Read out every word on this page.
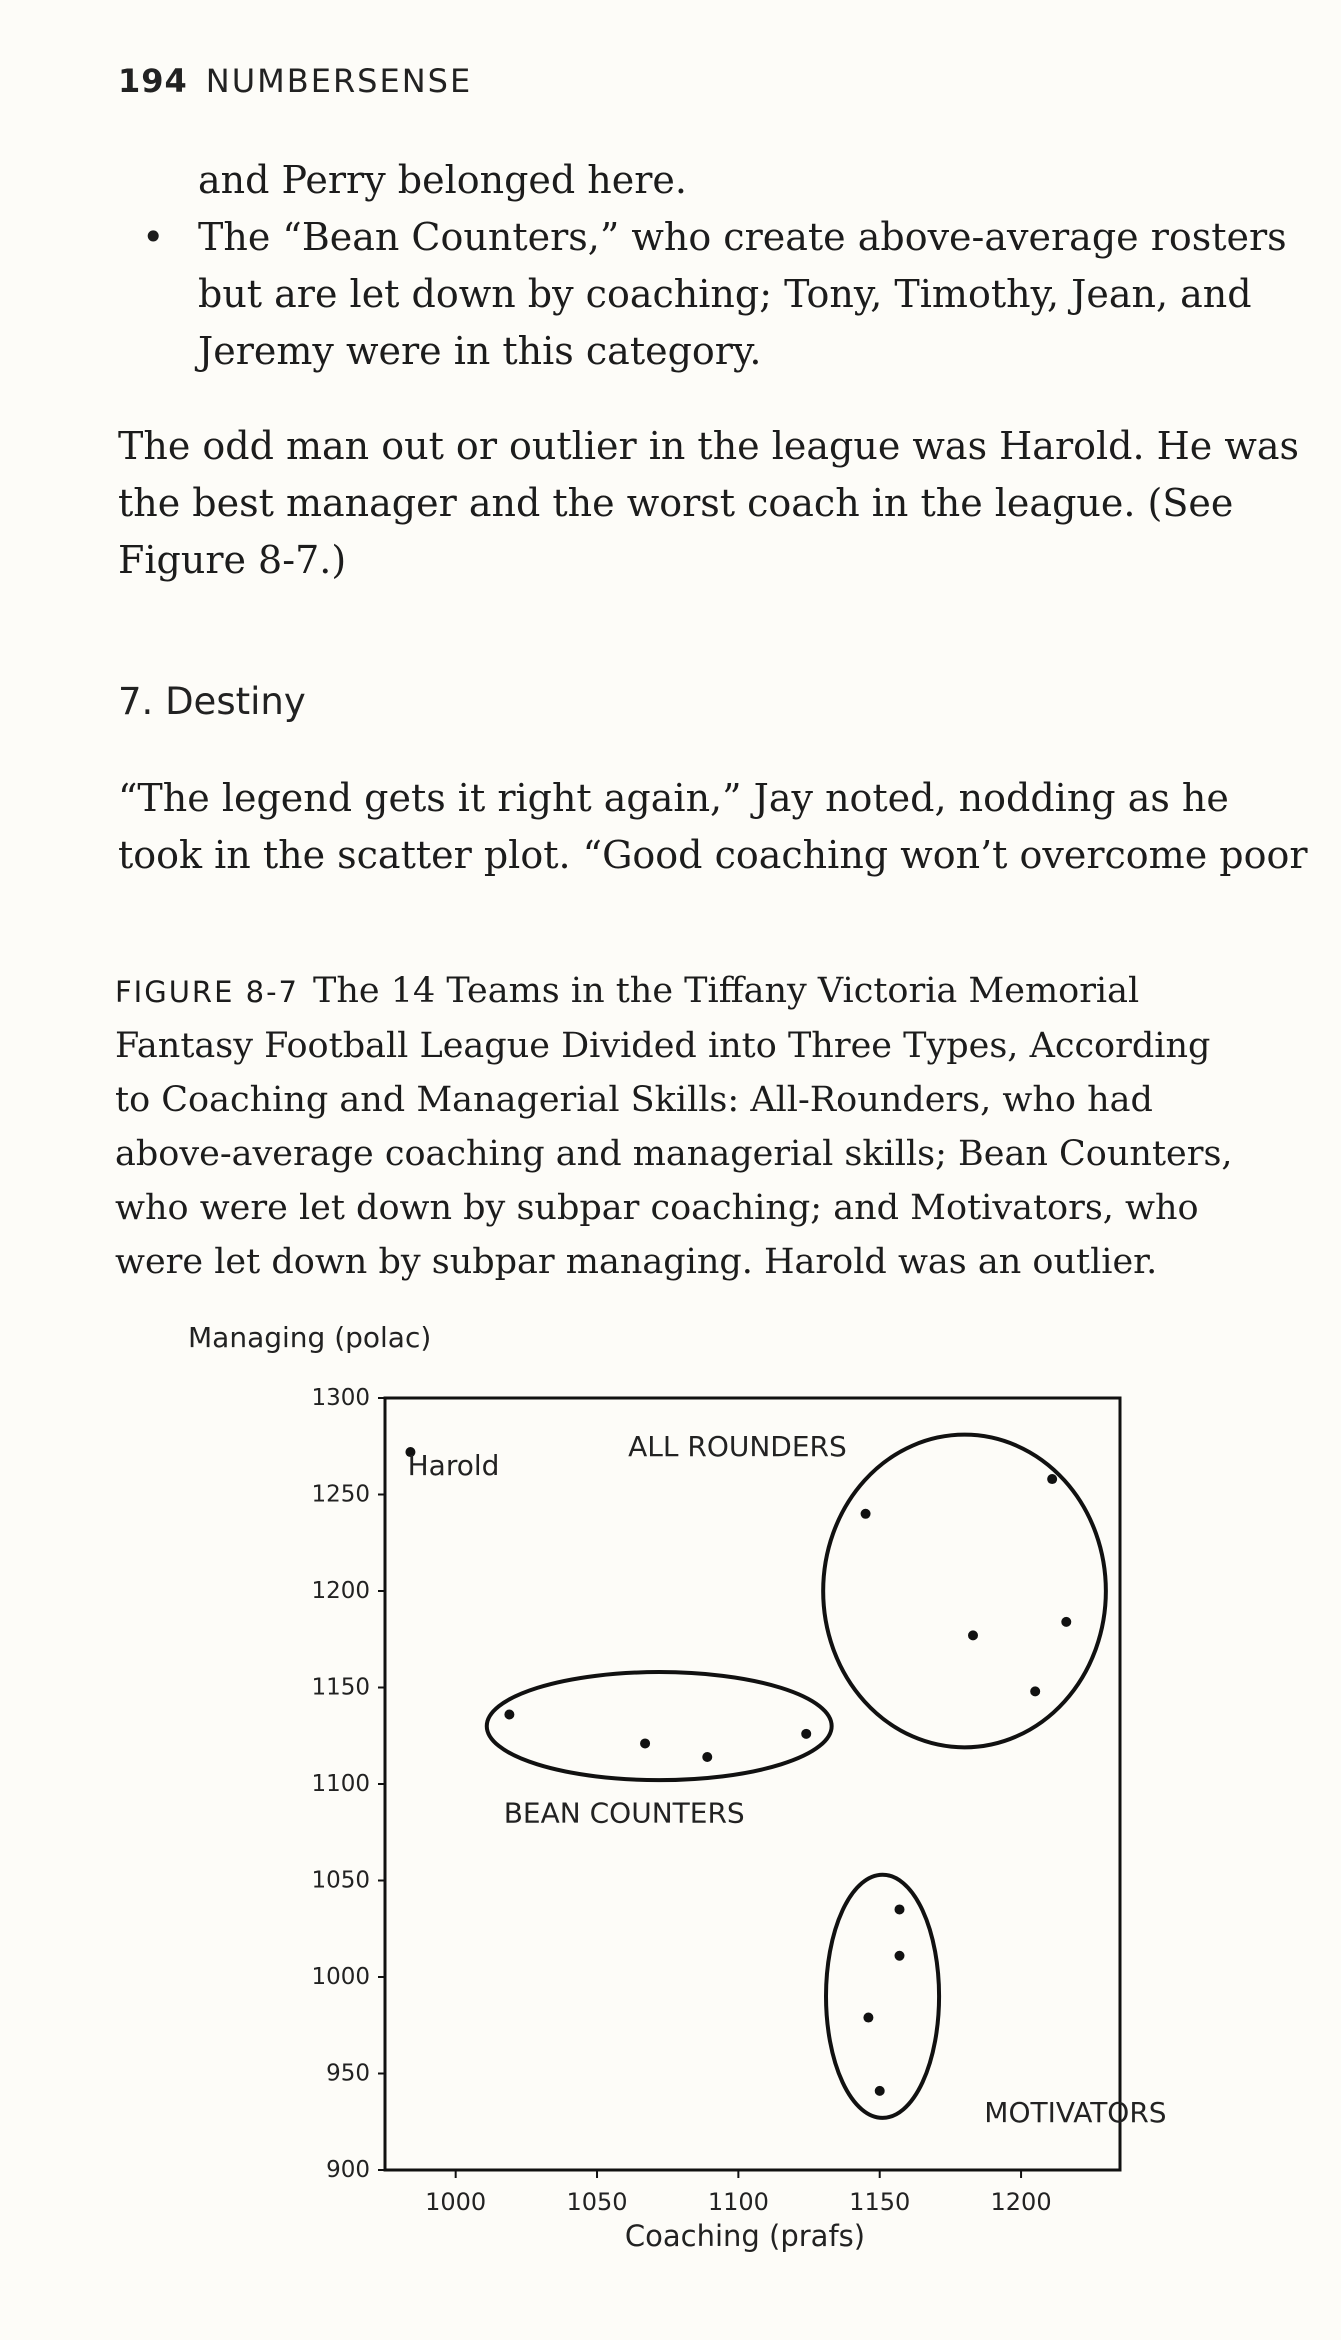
194 NUMBERSENSE
and Perry belonged here.
• The “Bean Counters,” who create above-average rosters
but are let down by coaching; Tony, Timothy, Jean, and
Jeremy were in this category.
The odd man out or outlier in the league was Harold. He was
the best manager and the worst coach in the league. (See
Figure 8-7.)
7. Destiny
“The legend gets it right again,” Jay noted, nodding as he
took in the scatter plot. “Good coaching won’t overcome poor
FIGURE 8-7 The 14 Teams in the Tiffany Victoria Memorial
Fantasy Football League Divided into Three Types, According
to Coaching and Managerial Skills: All-Rounders, who had
above-average coaching and managerial skills; Bean Counters,
who were let down by subpar coaching; and Motivators, who
were let down by subpar managing. Harold was an outlier.
Managing (polac)
Coaching (prafs)
900
950
1000
1050
1100
1150
1200
1250
1300
1000	1050	1100	1150	1200
Harold
ALL ROUNDERS
BEAN COUNTERS
MOTIVATORS
